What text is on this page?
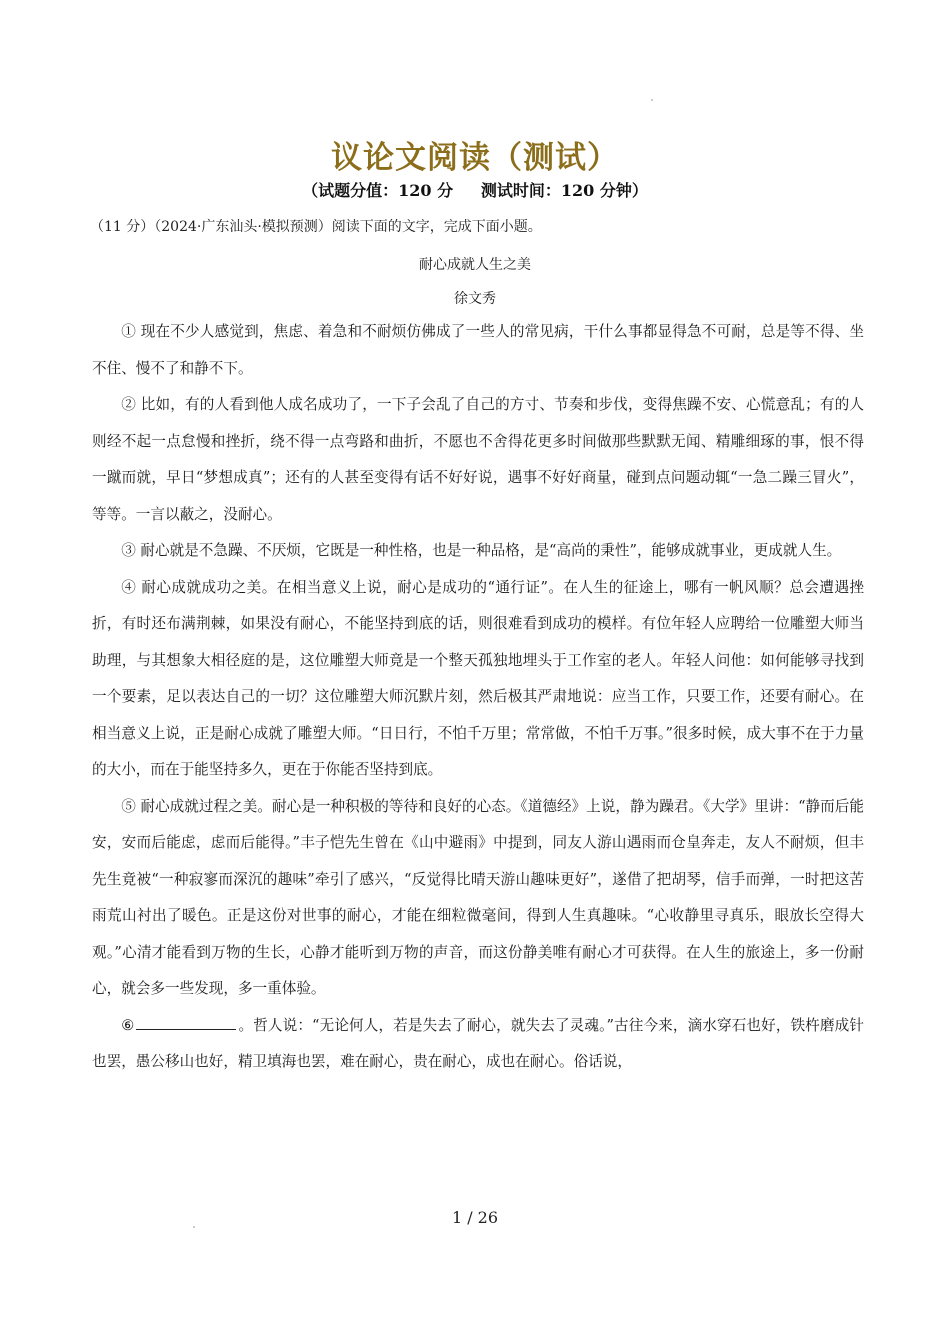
议论文阅读（测试）
（试题分值：120 分     测试时间：120 分钟）
（11 分）（2024·广东汕头·模拟预测）阅读下面的文字，完成下面小题。
耐心成就人生之美
徐文秀

① 现在不少人感觉到，焦虑、着急和不耐烦仿佛成了一些人的常见病，干什么事都显得急不可耐，总是等不得、坐不住、慢不了和静不下。

② 比如，有的人看到他人成名成功了，一下子会乱了自己的方寸、节奏和步伐，变得焦躁不安、心慌意乱；有的人则经不起一点怠慢和挫折，绕不得一点弯路和曲折，不愿也不舍得花更多时间做那些默默无闻、精雕细琢的事，恨不得一蹴而就，早日“梦想成真”；还有的人甚至变得有话不好好说，遇事不好好商量，碰到点问题动辄“一急二躁三冒火”，等等。一言以蔽之，没耐心。

③ 耐心就是不急躁、不厌烦，它既是一种性格，也是一种品格，是“高尚的秉性”，能够成就事业，更成就人生。

④ 耐心成就成功之美。在相当意义上说，耐心是成功的“通行证”。在人生的征途上，哪有一帆风顺？总会遭遇挫折，有时还布满荆棘，如果没有耐心，不能坚持到底的话，则很难看到成功的模样。有位年轻人应聘给一位雕塑大师当助理，与其想象大相径庭的是，这位雕塑大师竟是一个整天孤独地埋头于工作室的老人。年轻人问他：如何能够寻找到一个要素，足以表达自己的一切？这位雕塑大师沉默片刻，然后极其严肃地说：应当工作，只要工作，还要有耐心。在相当意义上说，正是耐心成就了雕塑大师。“日日行，不怕千万里；常常做，不怕千万事。”很多时候，成大事不在于力量的大小，而在于能坚持多久，更在于你能否坚持到底。

⑤ 耐心成就过程之美。耐心是一种积极的等待和良好的心态。《道德经》上说，静为躁君。《大学》里讲：“静而后能安，安而后能虑，虑而后能得。”丰子恺先生曾在《山中避雨》中提到，同友人游山遇雨而仓皇奔走，友人不耐烦，但丰先生竟被“一种寂寥而深沉的趣味”牵引了感兴，“反觉得比晴天游山趣味更好”，遂借了把胡琴，信手而弹，一时把这苦雨荒山衬出了暖色。正是这份对世事的耐心，才能在细粒微毫间，得到人生真趣味。“心收静里寻真乐，眼放长空得大观。”心清才能看到万物的生长，心静才能听到万物的声音，而这份静美唯有耐心才可获得。在人生的旅途上，多一份耐心，就会多一些发现，多一重体验。

⑥	。哲人说：“无论何人，若是失去了耐心，就失去了灵魂。”古往今来，滴水穿石也好，铁杵磨成针也罢，愚公移山也好，精卫填海也罢，难在耐心，贵在耐心，成也在耐心。俗话说，

1 / 26
